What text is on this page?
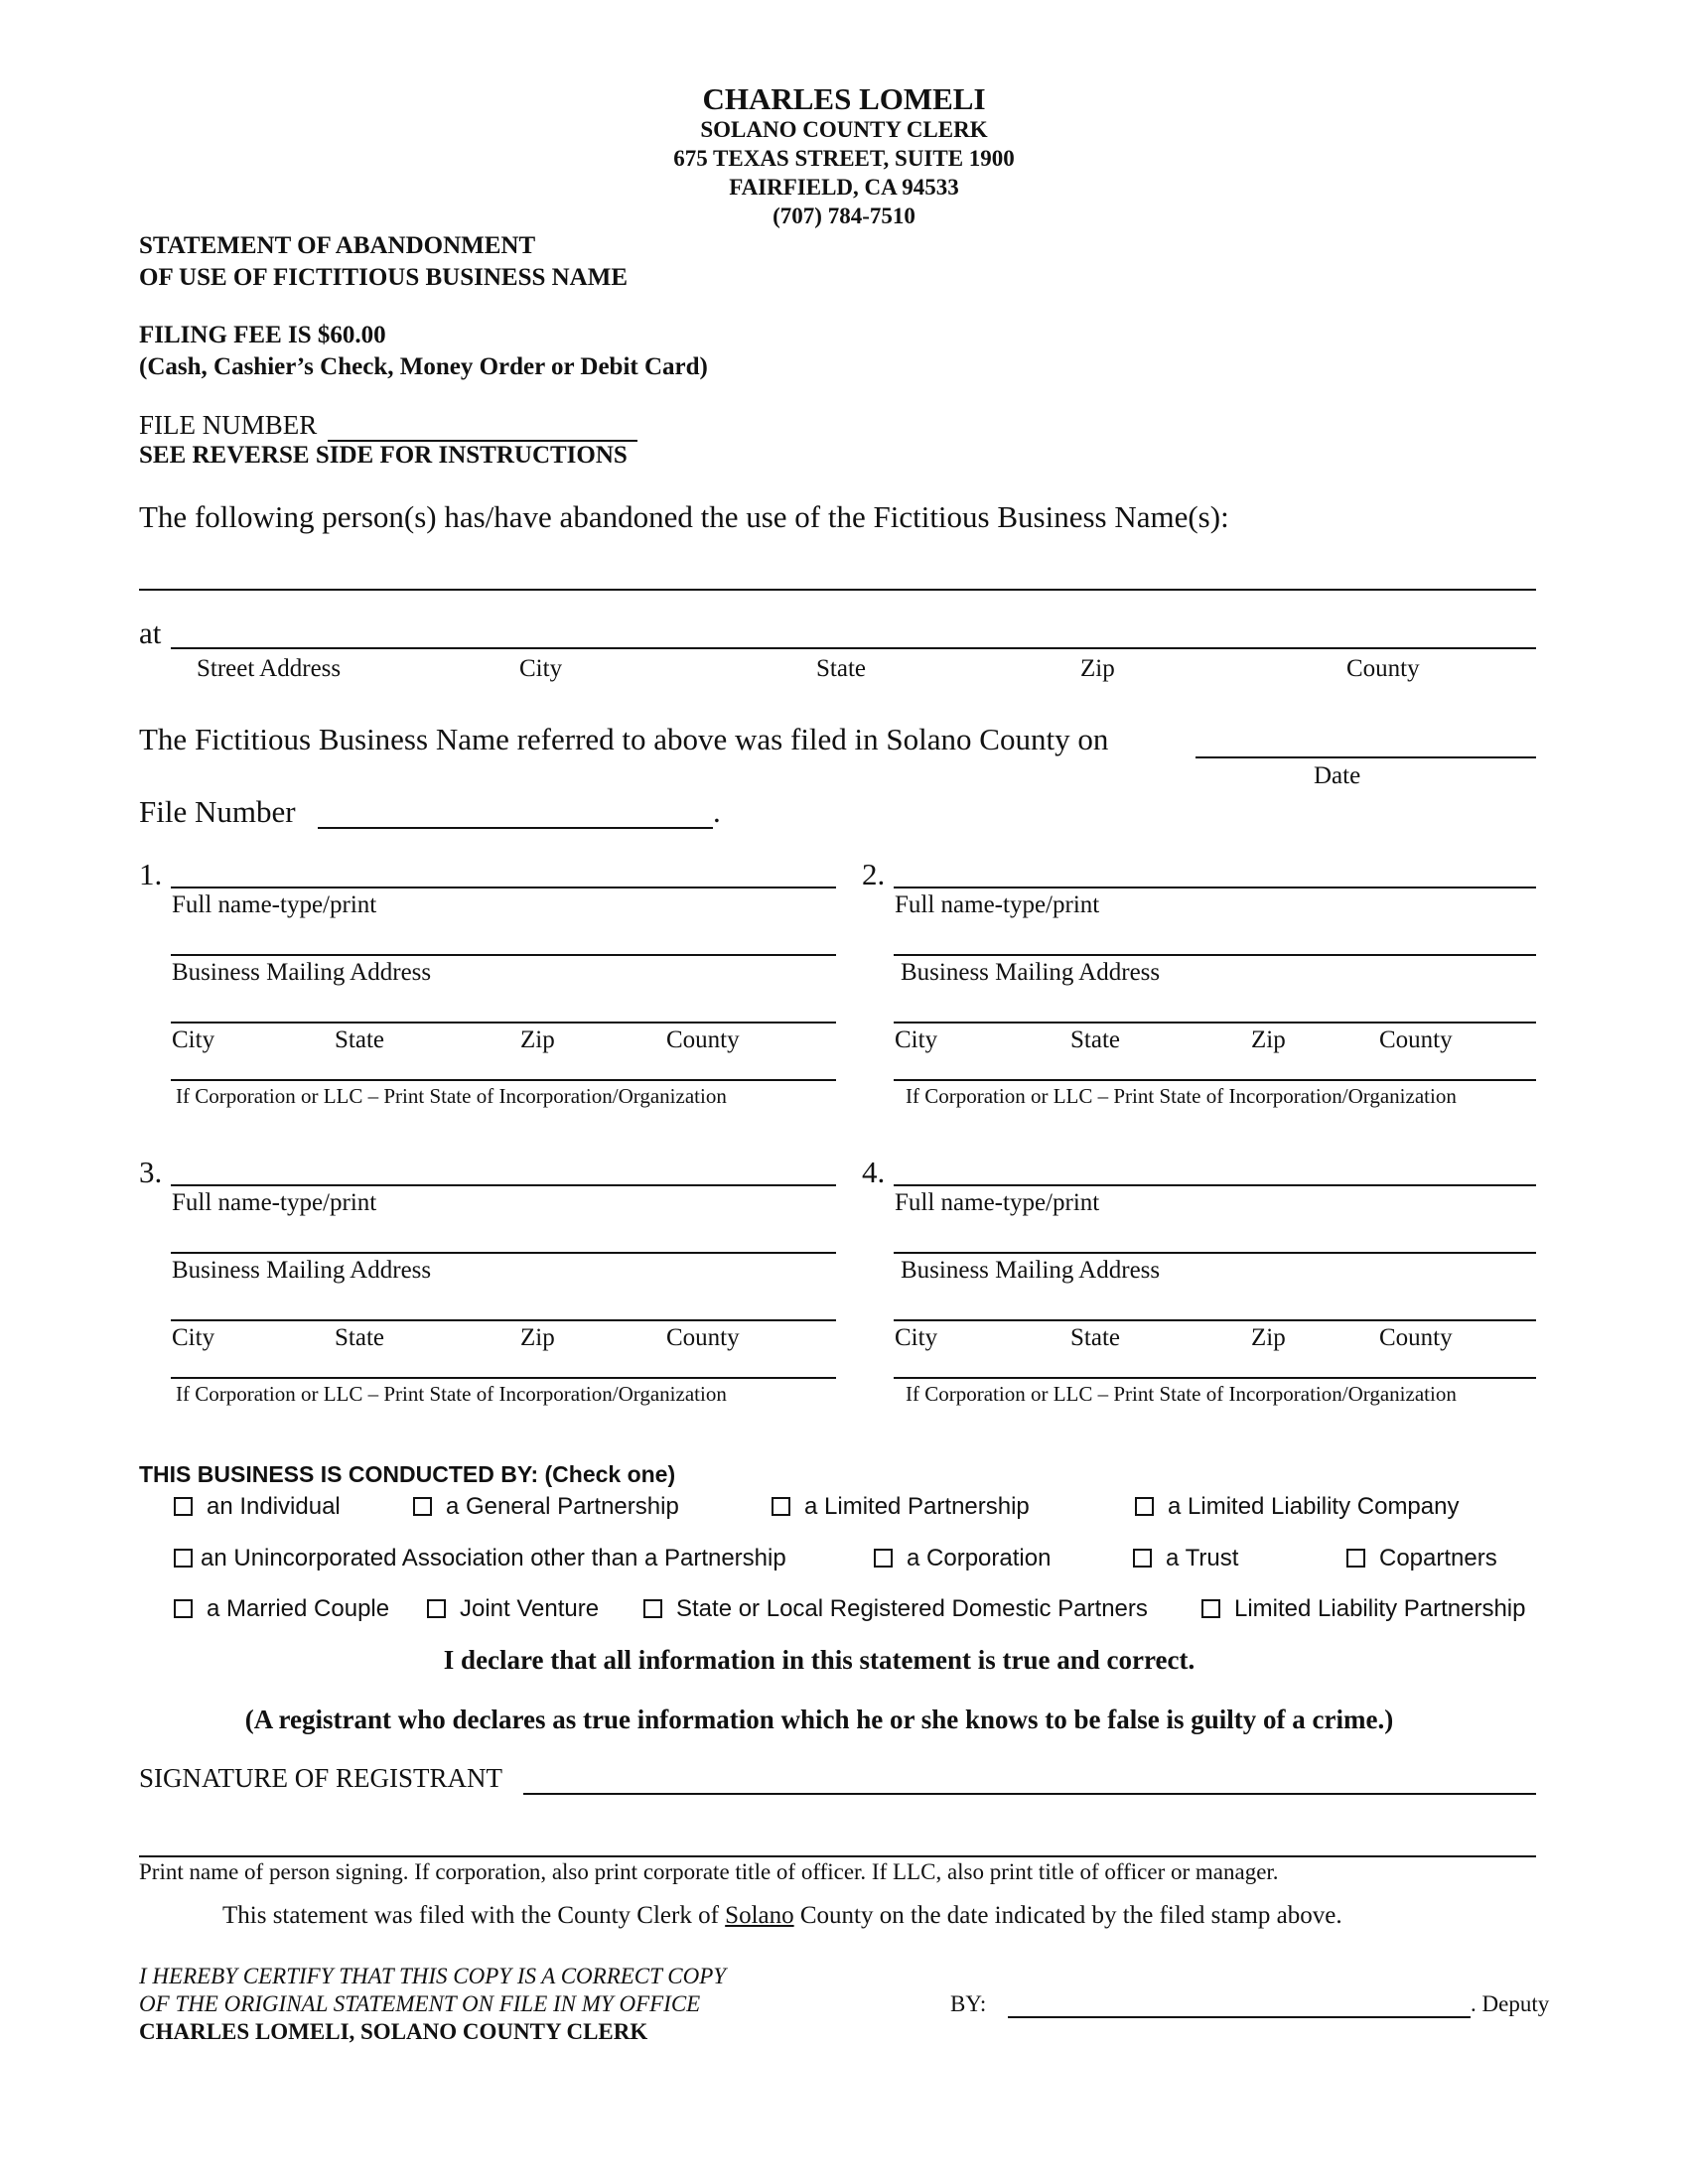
CHARLES LOMELI
SOLANO COUNTY CLERK
675 TEXAS STREET, SUITE 1900
FAIRFIELD, CA 94533
(707) 784-7510
STATEMENT OF ABANDONMENT
OF USE OF FICTITIOUS BUSINESS NAME
FILING FEE IS $60.00
(Cash, Cashier’s Check, Money Order or Debit Card)
FILE NUMBER
SEE REVERSE SIDE FOR INSTRUCTIONS
The following person(s) has/have abandoned the use of the Fictitious Business Name(s):
at
Street Address	City	State	Zip	County
The Fictitious Business Name referred to above was filed in Solano County on
Date
File Number	.
1.
Full name-type/print
Business Mailing Address
City	State	Zip	County
If Corporation or LLC – Print State of Incorporation/Organization
2.
Full name-type/print
Business Mailing Address
City	State	Zip	County
If Corporation or LLC – Print State of Incorporation/Organization
3.
Full name-type/print
Business Mailing Address
City	State	Zip	County
If Corporation or LLC – Print State of Incorporation/Organization
4.
Full name-type/print
Business Mailing Address
City	State	Zip	County
If Corporation or LLC – Print State of Incorporation/Organization
THIS BUSINESS IS CONDUCTED BY: (Check one)
an Individual	a General Partnership	a Limited Partnership	a Limited Liability Company
an Unincorporated Association other than a Partnership	a Corporation	a Trust	Copartners
a Married Couple	Joint Venture	State or Local Registered Domestic Partners	Limited Liability Partnership
I declare that all information in this statement is true and correct.
(A registrant who declares as true information which he or she knows to be false is guilty of a crime.)
SIGNATURE OF REGISTRANT
Print name of person signing. If corporation, also print corporate title of officer. If LLC, also print title of officer or manager.
This statement was filed with the County Clerk of Solano County on the date indicated by the filed stamp above.
I HEREBY CERTIFY THAT THIS COPY IS A CORRECT COPY
OF THE ORIGINAL STATEMENT ON FILE IN MY OFFICE
CHARLES LOMELI, SOLANO COUNTY CLERK
BY:	. Deputy
